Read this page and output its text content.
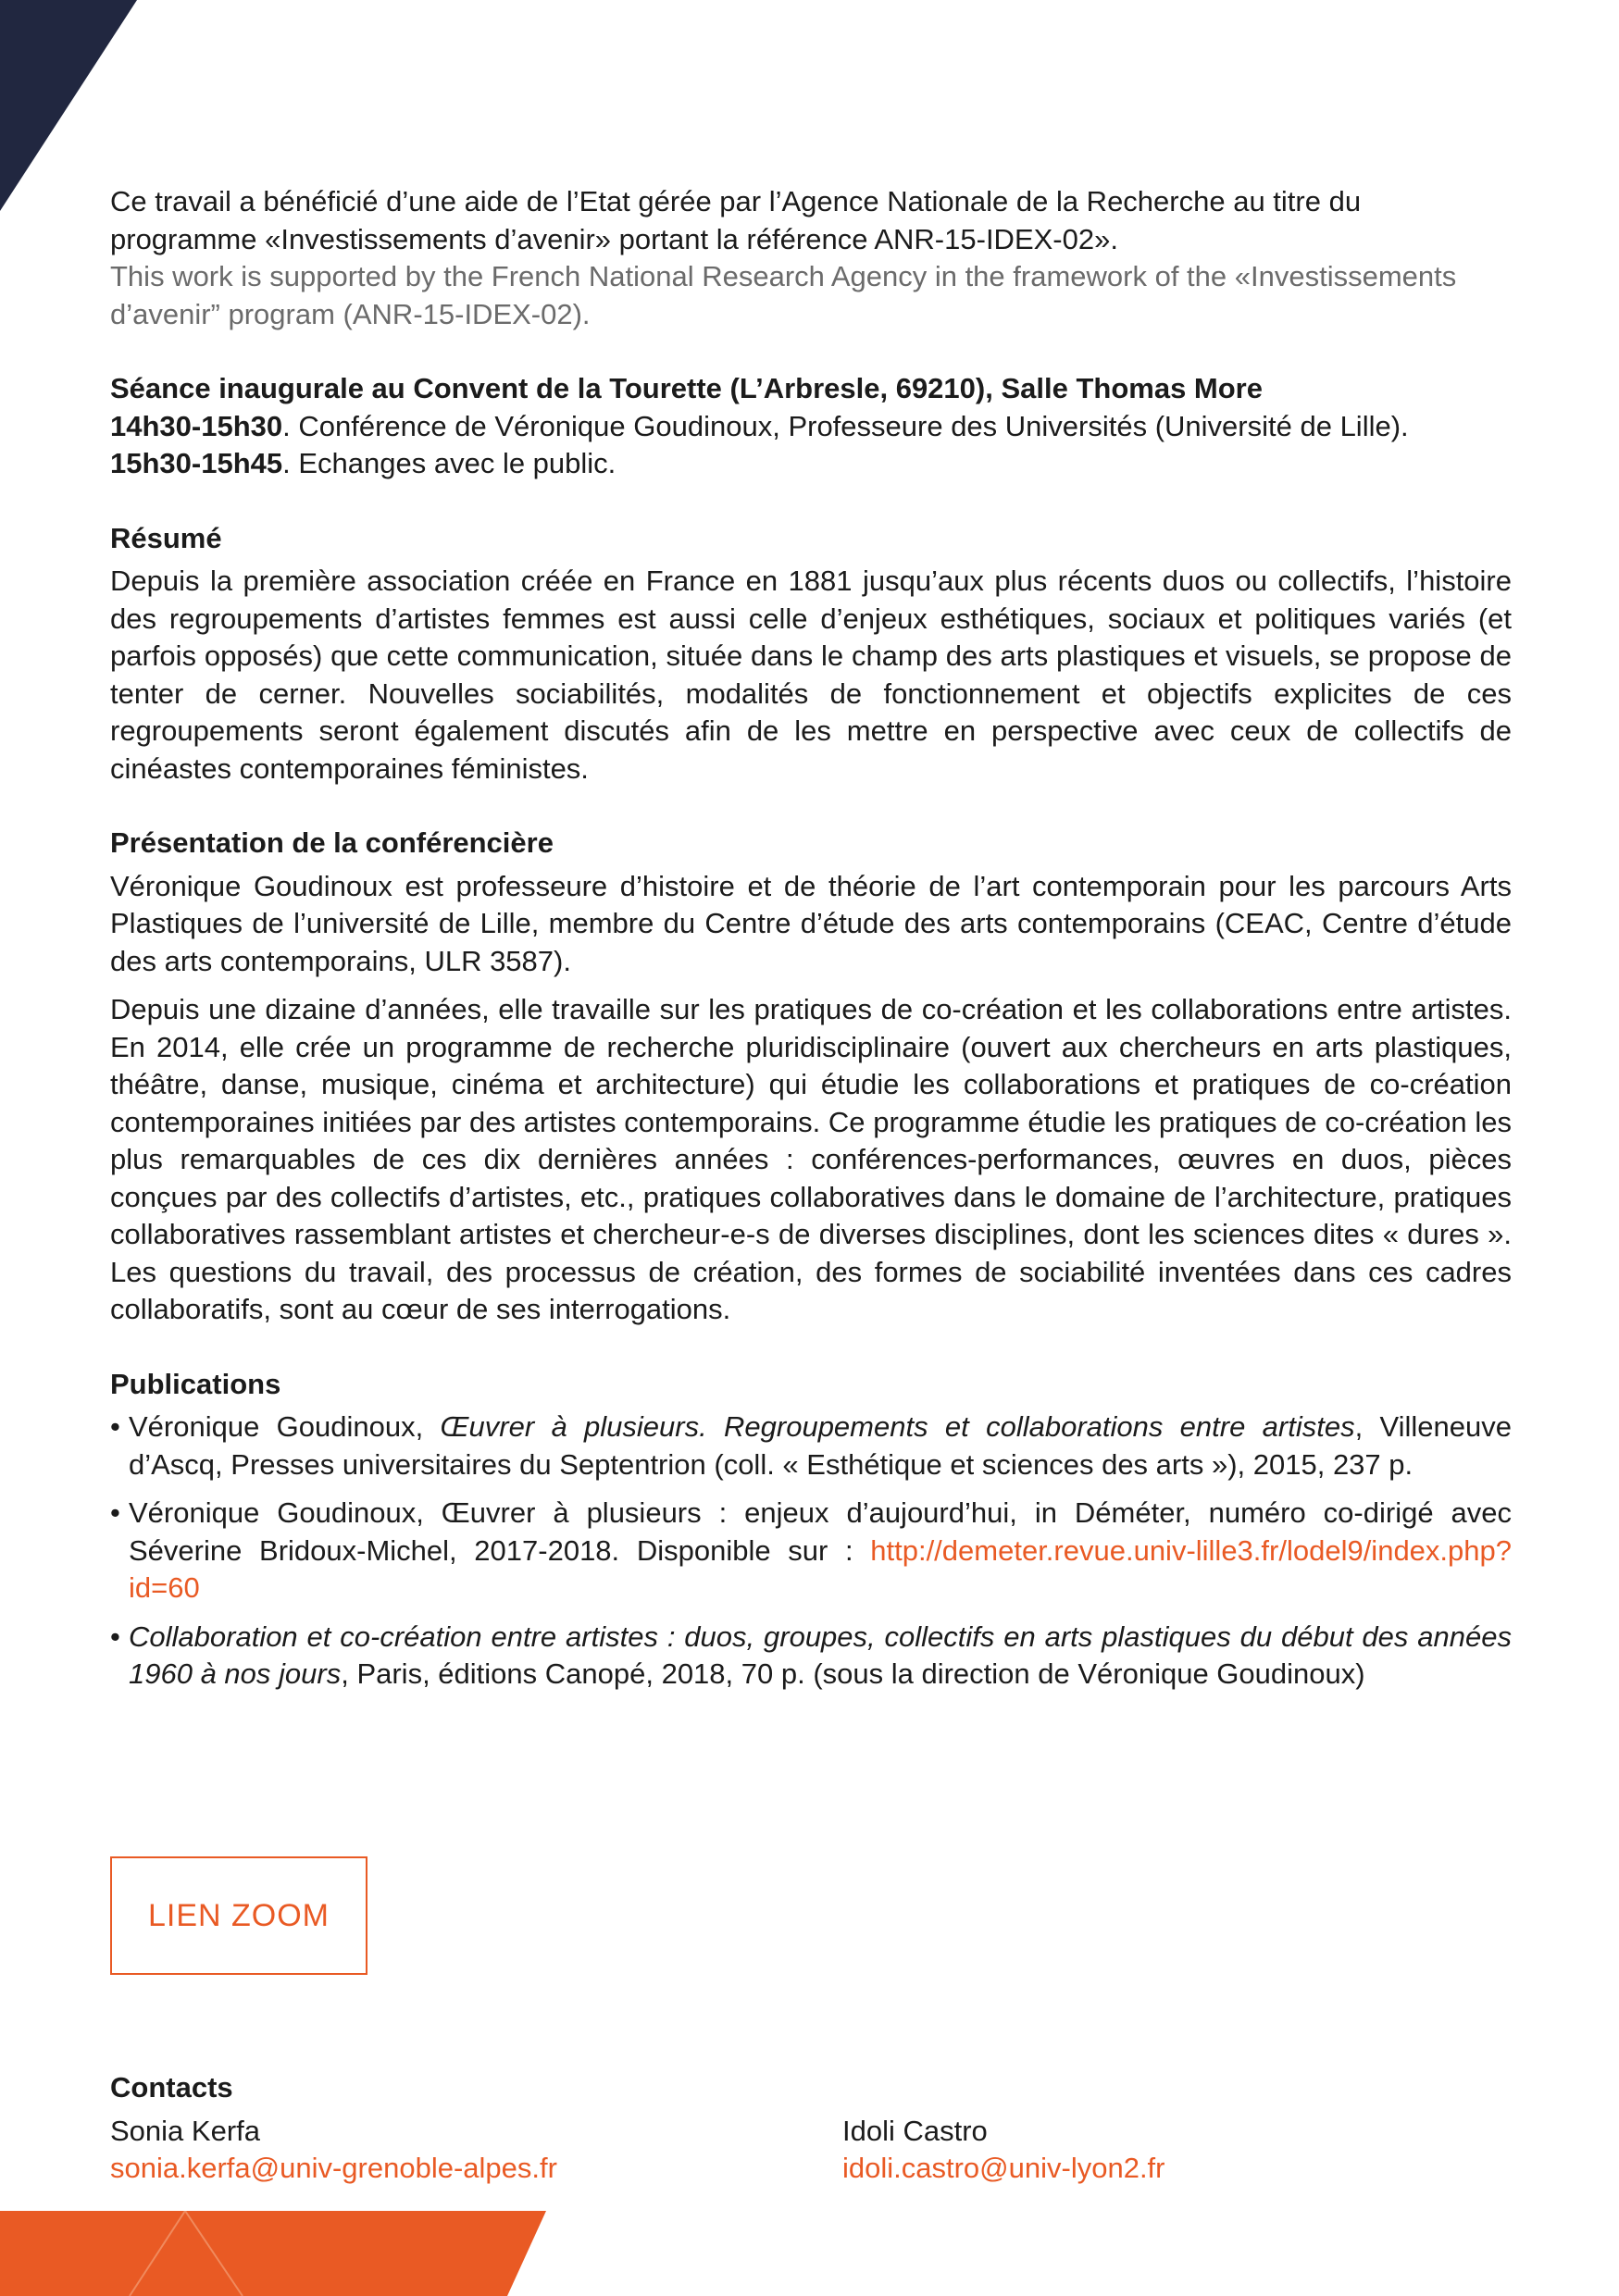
Ce travail a bénéficié d’une aide de l’Etat gérée par l’Agence Nationale de la Recherche au titre du programme «Investissements d’avenir» portant la référence ANR-15-IDEX-02».

This work is supported by the French National Research Agency in the framework of the «Investissements d’avenir” program (ANR-15-IDEX-02).

Séance inaugurale au Convent de la Tourette (L’Arbresle, 69210), Salle Thomas More

14h30-15h30. Conférence de Véronique Goudinoux, Professeure des Universités (Université de Lille).

15h30-15h45. Echanges avec le public.

Résumé

Depuis la première association créée en France en 1881 jusqu’aux plus récents duos ou collectifs, l’histoire des regroupements d’artistes femmes est aussi celle d’enjeux esthétiques, sociaux et politiques variés (et parfois opposés) que cette communication, située dans le champ des arts plastiques et visuels, se propose de tenter de cerner. Nouvelles sociabilités, modalités de fonctionnement et objectifs explicites de ces regroupements seront également discutés afin de les mettre en perspective avec ceux de collectifs de cinéastes contemporaines féministes.

Présentation de la conférencière

Véronique Goudinoux est professeure d’histoire et de théorie de l’art contemporain pour les parcours Arts Plastiques de l’université de Lille, membre du Centre d’étude des arts contemporains (CEAC, Centre d’étude des arts contemporains, ULR 3587).

Depuis une dizaine d’années, elle travaille sur les pratiques de co-création et les collaborations entre artistes. En 2014, elle crée un programme de recherche pluridisciplinaire (ouvert aux chercheurs en arts plastiques, théâtre, danse, musique, cinéma et architecture) qui étudie les collaborations et pratiques de co-création contemporaines initiées par des artistes contemporains. Ce programme étudie les pratiques de co-création les plus remarquables de ces dix dernières années : conférences-performances, œuvres en duos, pièces conçues par des collectifs d’artistes, etc., pratiques collaboratives dans le domaine de l’architecture, pratiques collaboratives rassemblant artistes et chercheur-e-s de diverses disciplines, dont les sciences dites « dures ». Les questions du travail, des processus de création, des formes de sociabilité inventées dans ces cadres collaboratifs, sont au cœur de ses interrogations.

Publications

• Véronique Goudinoux, Œuvrer à plusieurs. Regroupements et collaborations entre artistes, Villeneuve d’Ascq, Presses universitaires du Septentrion (coll. « Esthétique et sciences des arts »), 2015, 237 p.
• Véronique Goudinoux, Œuvrer à plusieurs : enjeux d’aujourd’hui, in Déméter, numéro co-dirigé avec Séverine Bridoux-Michel, 2017-2018. Disponible sur : http://demeter.revue.univ-lille3.fr/lodel9/index.php?id=60
• Collaboration et co-création entre artistes : duos, groupes, collectifs en arts plastiques du début des années 1960 à nos jours, Paris, éditions Canopé, 2018, 70 p. (sous la direction de Véronique Goudinoux)
LIEN ZOOM
Contacts
Sonia Kerfa
sonia.kerfa@univ-grenoble-alpes.fr
Idoli Castro
idoli.castro@univ-lyon2.fr
